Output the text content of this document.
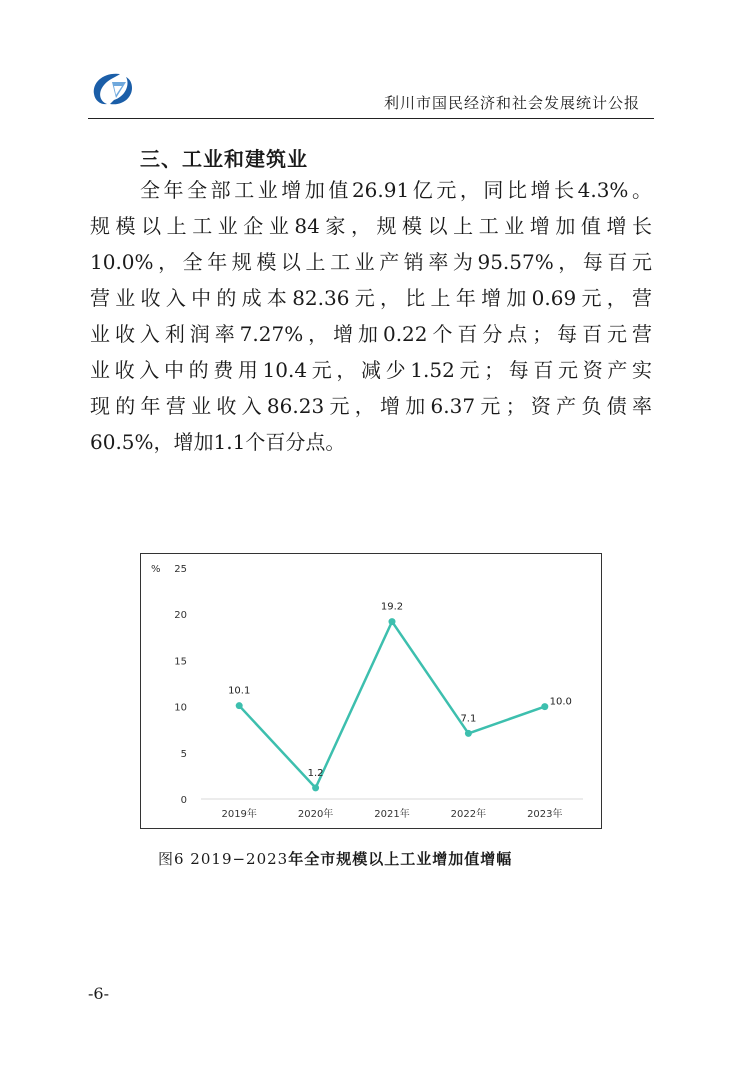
利川市国民经济和社会发展统计公报
三、工业和建筑业
全年全部工业增加值26.91亿元，同比增长4.3%。
规模以上工业企业84家，规模以上工业增加值增长
10.0%，全年规模以上工业产销率为95.57%，每百元
营业收入中的成本82.36元，比上年增加0.69元，营
业收入利润率7.27%，增加0.22个百分点；每百元营
业收入中的费用10.4元，减少1.52元；每百元资产实
现的年营业收入86.23元，增加6.37元；资产负债率
60.5%，增加1.1个百分点。
%
0
5
10
15
20
25
2019年	2020年	2021年	2022年	2023年
10.1
1.2
19.2
7.1
10.0
图6 2019−2023年全市规模以上工业增加值增幅
-6-
